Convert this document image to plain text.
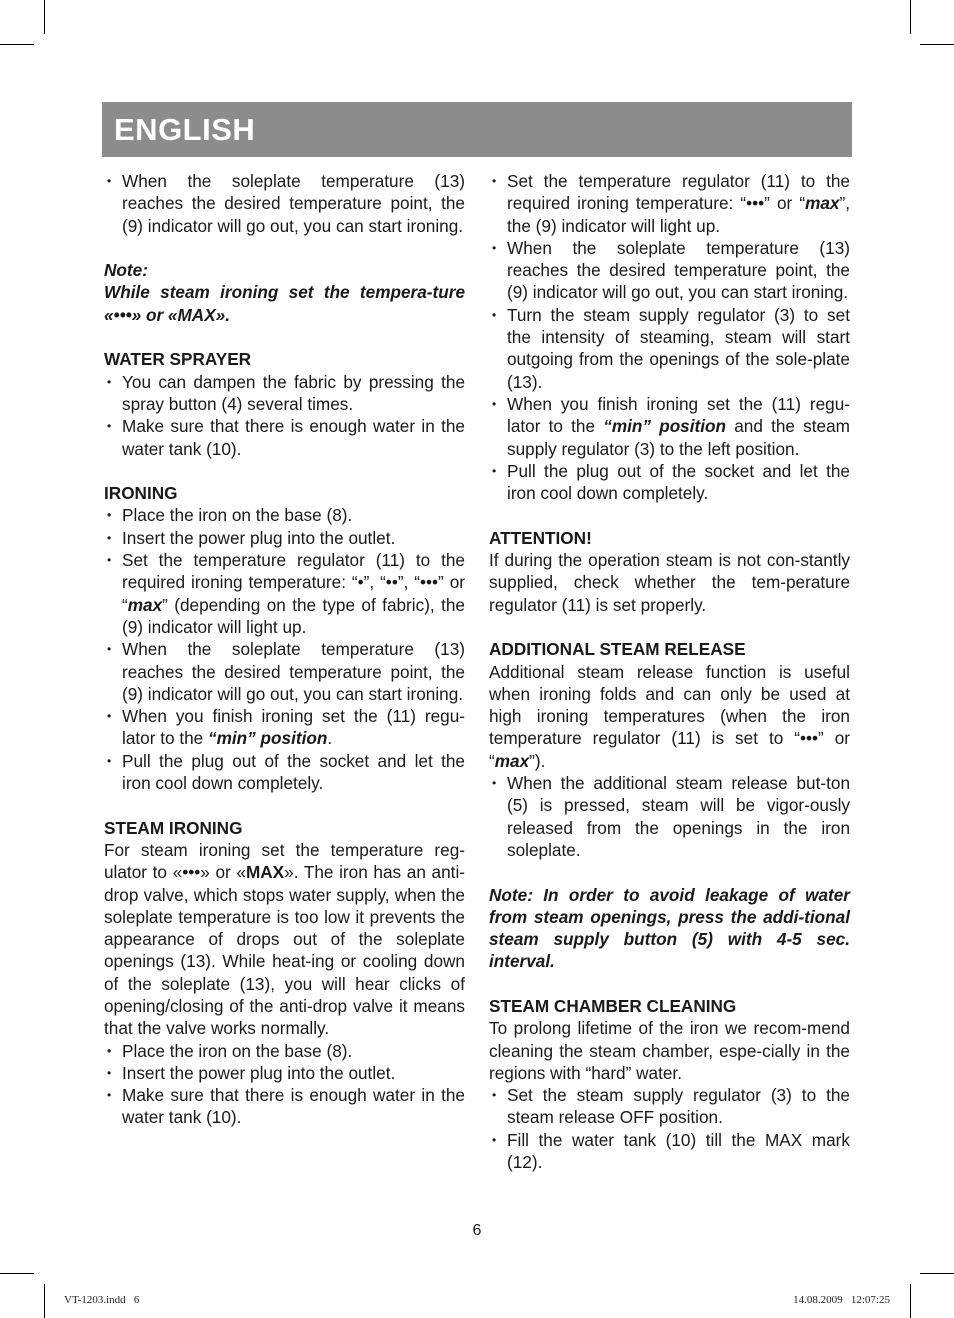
ENGLISH
• When the soleplate temperature (13) reaches the desired temperature point, the (9) indicator will go out, you can start ironing.

Note:

While steam ironing set the tempera-ture «•••» or «MAX».

WATER SPRAYER
• You can dampen the fabric by pressing the spray button (4) several times.
• Make sure that there is enough water in the water tank (10).
IRONING
• Place the iron on the base (8).
• Insert the power plug into the outlet.
• Set the temperature regulator (11) to the required ironing temperature: “•”, “••”, “•••” or “max” (depending on the type of fabric), the (9) indicator will light up.
• When the soleplate temperature (13) reaches the desired temperature point, the (9) indicator will go out, you can start ironing.
• When you finish ironing set the (11) regu-lator to the “min” position.
• Pull the plug out of the socket and let the iron cool down completely.
STEAM IRONING

For steam ironing set the temperature reg-ulator to «•••» or «MAX». The iron has an anti-drop valve, which stops water supply, when the soleplate temperature is too low it prevents the appearance of drops out of the soleplate openings (13). While heat-ing or cooling down of the soleplate (13), you will hear clicks of opening/closing of the anti-drop valve it means that the valve works normally.

• Place the iron on the base (8).
• Insert the power plug into the outlet.
• Make sure that there is enough water in the water tank (10).
• Set the temperature regulator (11) to the required ironing temperature: “•••” or “max”, the (9) indicator will light up.
• When the soleplate temperature (13) reaches the desired temperature point, the (9) indicator will go out, you can start ironing.
• Turn the steam supply regulator (3) to set the intensity of steaming, steam will start outgoing from the openings of the sole-plate (13).
• When you finish ironing set the (11) regu-lator to the “min” position and the steam supply regulator (3) to the left position.
• Pull the plug out of the socket and let the iron cool down completely.
ATTENTION!

If during the operation steam is not con-stantly supplied, check whether the tem-perature regulator (11) is set properly.

ADDITIONAL STEAM RELEASE

Additional steam release function is useful when ironing folds and can only be used at high ironing temperatures (when the iron temperature regulator (11) is set to “•••” or “max”).

• When the additional steam release but-ton (5) is pressed, steam will be vigor-ously released from the openings in the iron soleplate.

Note: In order to avoid leakage of water from steam openings, press the addi-tional steam supply button (5) with 4-5 sec. interval.

STEAM CHAMBER CLEANING

To prolong lifetime of the iron we recom-mend cleaning the steam chamber, espe-cially in the regions with “hard” water.

• Set the steam supply regulator (3) to the steam release OFF position.
• Fill the water tank (10) till the MAX mark (12).
6
VT-1203.indd   6	14.08.2009   12:07:25
